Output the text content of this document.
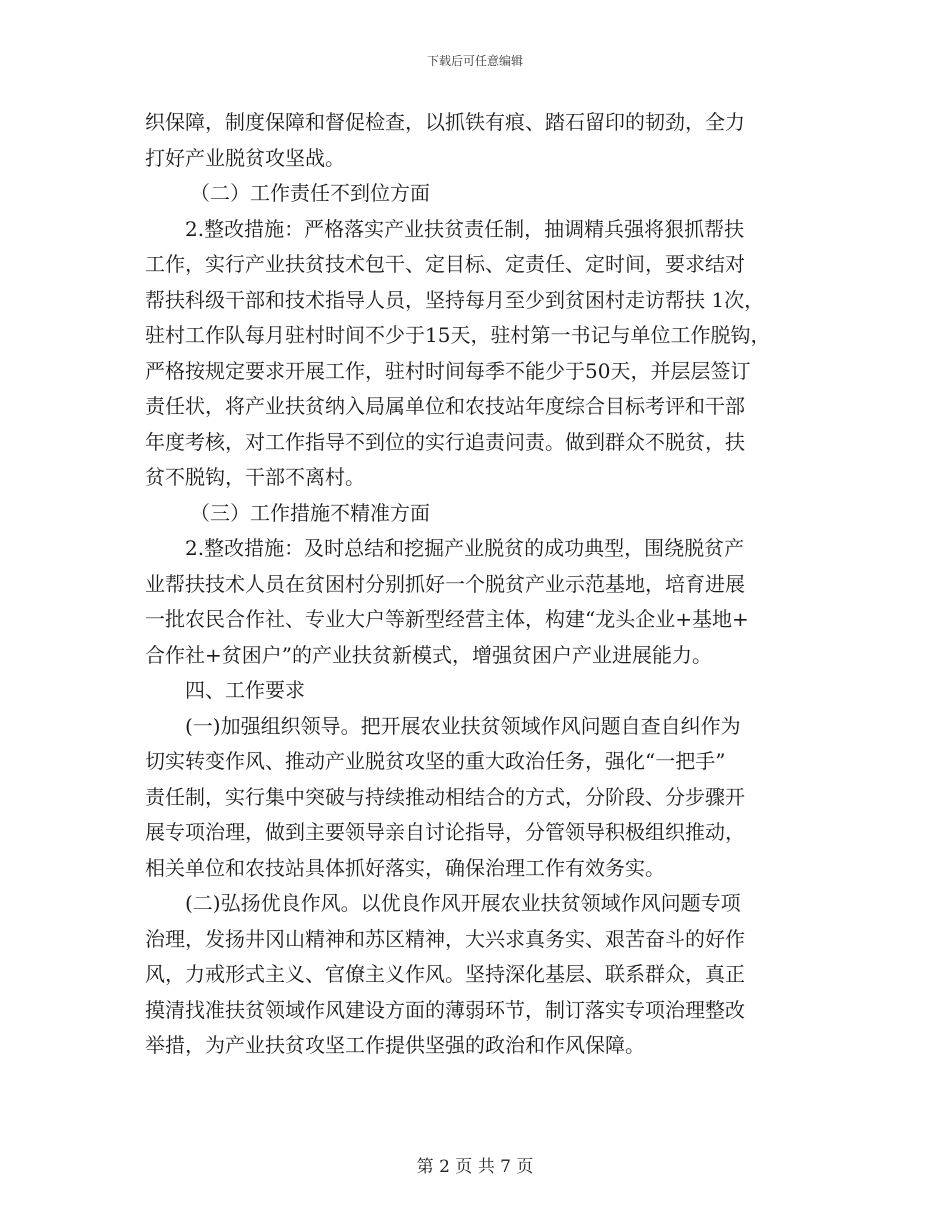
下载后可任意编辑
织保障，制度保障和督促检查，以抓铁有痕、踏石留印的韧劲，全力
打好产业脱贫攻坚战。
（二）工作责任不到位方面
2.整改措施：严格落实产业扶贫责任制，抽调精兵强将狠抓帮扶
工作，实行产业扶贫技术包干、定目标、定责任、定时间，要求结对
帮扶科级干部和技术指导人员，坚持每月至少到贫困村走访帮扶 1次，
驻村工作队每月驻村时间不少于15天，驻村第一书记与单位工作脱钩，
严格按规定要求开展工作，驻村时间每季不能少于50天，并层层签订
责任状，将产业扶贫纳入局属单位和农技站年度综合目标考评和干部
年度考核，对工作指导不到位的实行追责问责。做到群众不脱贫，扶
贫不脱钩，干部不离村。
（三）工作措施不精准方面
2.整改措施：及时总结和挖掘产业脱贫的成功典型，围绕脱贫产
业帮扶技术人员在贫困村分别抓好一个脱贫产业示范基地，培育进展
一批农民合作社、专业大户等新型经营主体，构建“龙头企业+基地+
合作社+贫困户”的产业扶贫新模式，增强贫困户产业进展能力。
四、工作要求
(一)加强组织领导。把开展农业扶贫领域作风问题自查自纠作为
切实转变作风、推动产业脱贫攻坚的重大政治任务，强化“一把手”
责任制，实行集中突破与持续推动相结合的方式，分阶段、分步骤开
展专项治理，做到主要领导亲自讨论指导，分管领导积极组织推动，
相关单位和农技站具体抓好落实，确保治理工作有效务实。
(二)弘扬优良作风。以优良作风开展农业扶贫领域作风问题专项
治理，发扬井冈山精神和苏区精神，大兴求真务实、艰苦奋斗的好作
风，力戒形式主义、官僚主义作风。坚持深化基层、联系群众，真正
摸清找准扶贫领域作风建设方面的薄弱环节，制订落实专项治理整改
举措，为产业扶贫攻坚工作提供坚强的政治和作风保障。
第 2 页 共 7 页
